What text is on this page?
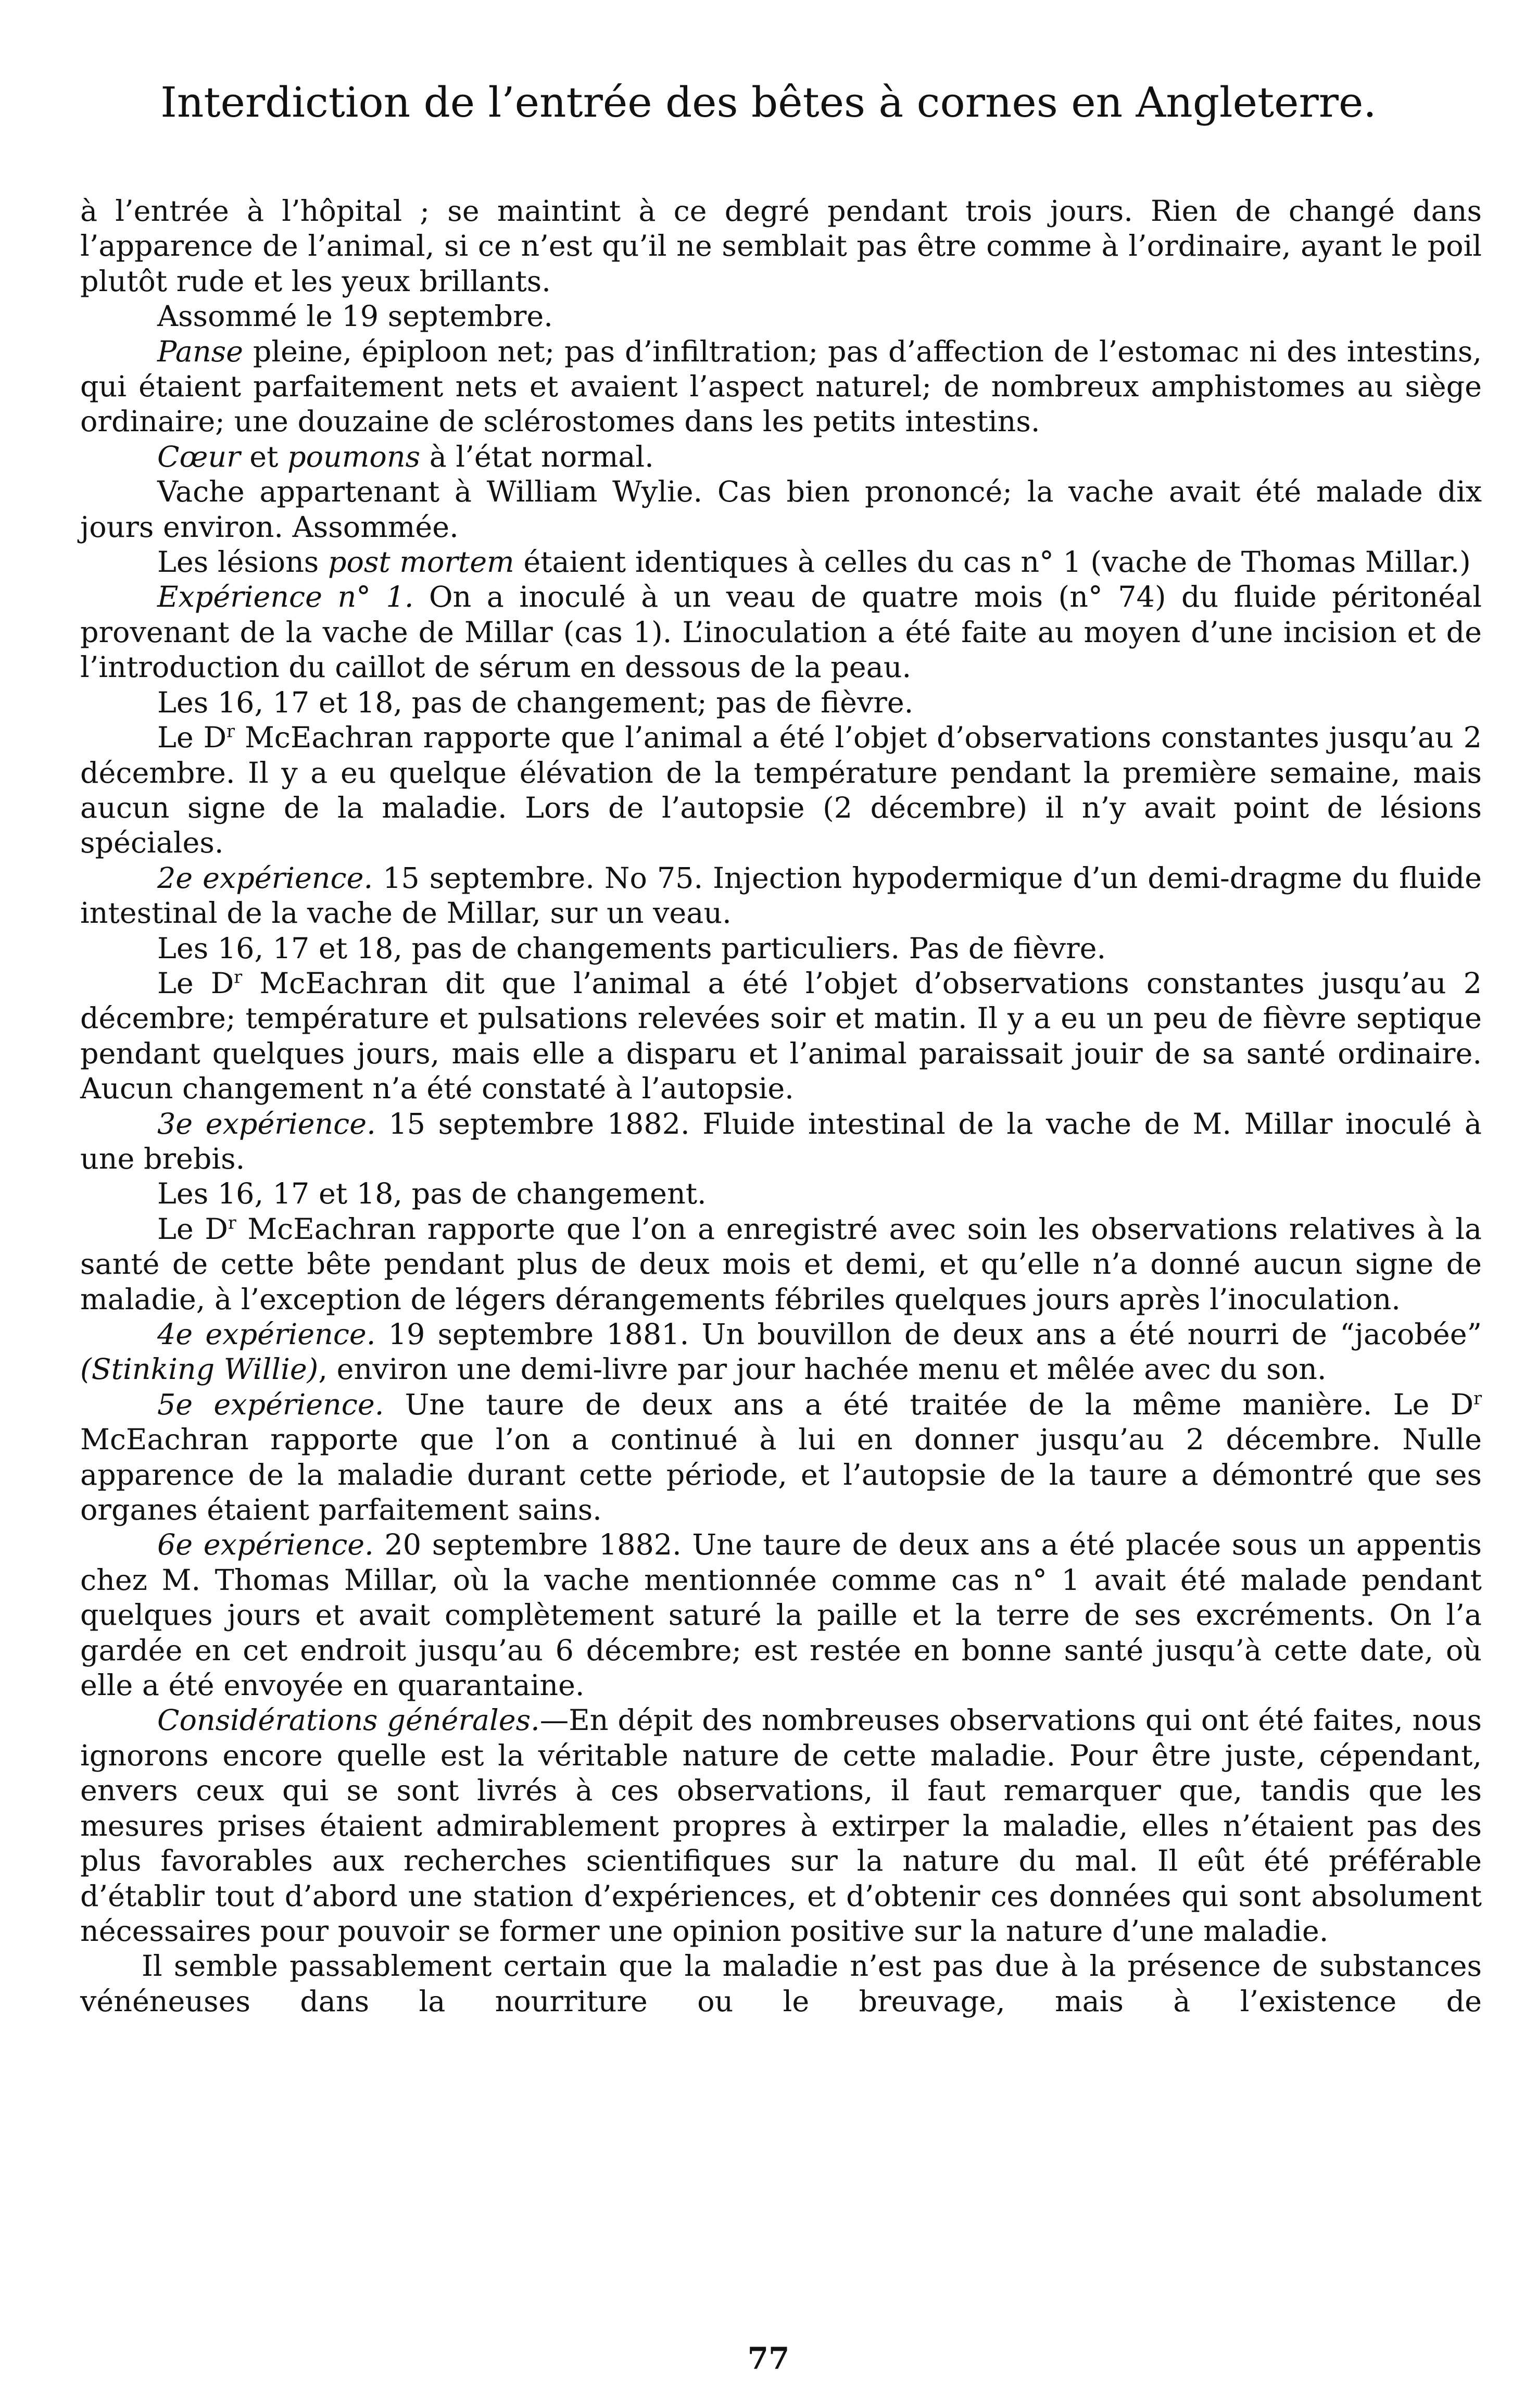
Interdiction de l’entrée des bêtes à cornes en Angleterre.

à l’entrée à l’hôpital ; se maintint à ce degré pendant trois jours. Rien de changé dans l’apparence de l’animal, si ce n’est qu’il ne semblait pas être comme à l’ordinaire, ayant le poil plutôt rude et les yeux brillants.

Assommé le 19 septembre.

Panse pleine, épiploon net; pas d’infiltration; pas d’affection de l’estomac ni des intestins, qui étaient parfaitement nets et avaient l’aspect naturel; de nombreux amphistomes au siège ordinaire; une douzaine de sclérostomes dans les petits intestins.

Cœur et poumons à l’état normal.

Vache appartenant à William Wylie. Cas bien prononcé; la vache avait été malade dix jours environ. Assommée.

Les lésions post mortem étaient identiques à celles du cas n° 1 (vache de Thomas Millar.)

Expérience n° 1. On a inoculé à un veau de quatre mois (n° 74) du fluide péritonéal provenant de la vache de Millar (cas 1). L’inoculation a été faite au moyen d’une incision et de l’introduction du caillot de sérum en dessous de la peau.

Les 16, 17 et 18, pas de changement; pas de fièvre.

Le $D^r$ McEachran rapporte que l’animal a été l’objet d’observations constantes jusqu’au 2 décembre. Il y a eu quelque élévation de la température pendant la première semaine, mais aucun signe de la maladie. Lors de l’autopsie (2 décembre) il n’y avait point de lésions spéciales.

2e expérience. 15 septembre. No 75. Injection hypodermique d’un demi-dragme du fluide intestinal de la vache de Millar, sur un veau.

Les 16, 17 et 18, pas de changements particuliers. Pas de fièvre.

Le $D^r$ McEachran dit que l’animal a été l’objet d’observations constantes jusqu’au 2 décembre; température et pulsations relevées soir et matin. Il y a eu un peu de fièvre septique pendant quelques jours, mais elle a disparu et l’animal paraissait jouir de sa santé ordinaire. Aucun changement n’a été constaté à l’autopsie.

3e expérience. 15 septembre 1882. Fluide intestinal de la vache de M. Millar inoculé à une brebis.

Les 16, 17 et 18, pas de changement.

Le $D^r$ McEachran rapporte que l’on a enregistré avec soin les observations relatives à la santé de cette bête pendant plus de deux mois et demi, et qu’elle n’a donné aucun signe de maladie, à l’exception de légers dérangements fébriles quelques jours après l’inoculation.

4e expérience. 19 septembre 1881. Un bouvillon de deux ans a été nourri de “jacobée” (Stinking Willie), environ une demi-livre par jour hachée menu et mêlée avec du son.

5e expérience. Une taure de deux ans a été traitée de la même manière. Le $D^r$ McEachran rapporte que l’on a continué à lui en donner jusqu’au 2 décembre. Nulle apparence de la maladie durant cette période, et l’autopsie de la taure a démontré que ses organes étaient parfaitement sains.

6e expérience. 20 septembre 1882. Une taure de deux ans a été placée sous un appentis chez M. Thomas Millar, où la vache mentionnée comme cas n° 1 avait été malade pendant quelques jours et avait complètement saturé la paille et la terre de ses excréments. On l’a gardée en cet endroit jusqu’au 6 décembre; est restée en bonne santé jusqu’à cette date, où elle a été envoyée en quarantaine.

Considérations générales.—En dépit des nombreuses observations qui ont été faites, nous ignorons encore quelle est la véritable nature de cette maladie. Pour être juste, cépendant, envers ceux qui se sont livrés à ces observations, il faut remarquer que, tandis que les mesures prises étaient admirablement propres à extirper la maladie, elles n’étaient pas des plus favorables aux recherches scientifiques sur la nature du mal. Il eût été préférable d’établir tout d’abord une station d’expériences, et d’obtenir ces données qui sont absolument nécessaires pour pouvoir se former une opinion positive sur la nature d’une maladie.

Il semble passablement certain que la maladie n’est pas due à la présence de substances vénéneuses dans la nourriture ou le breuvage, mais à l’existence de

77
